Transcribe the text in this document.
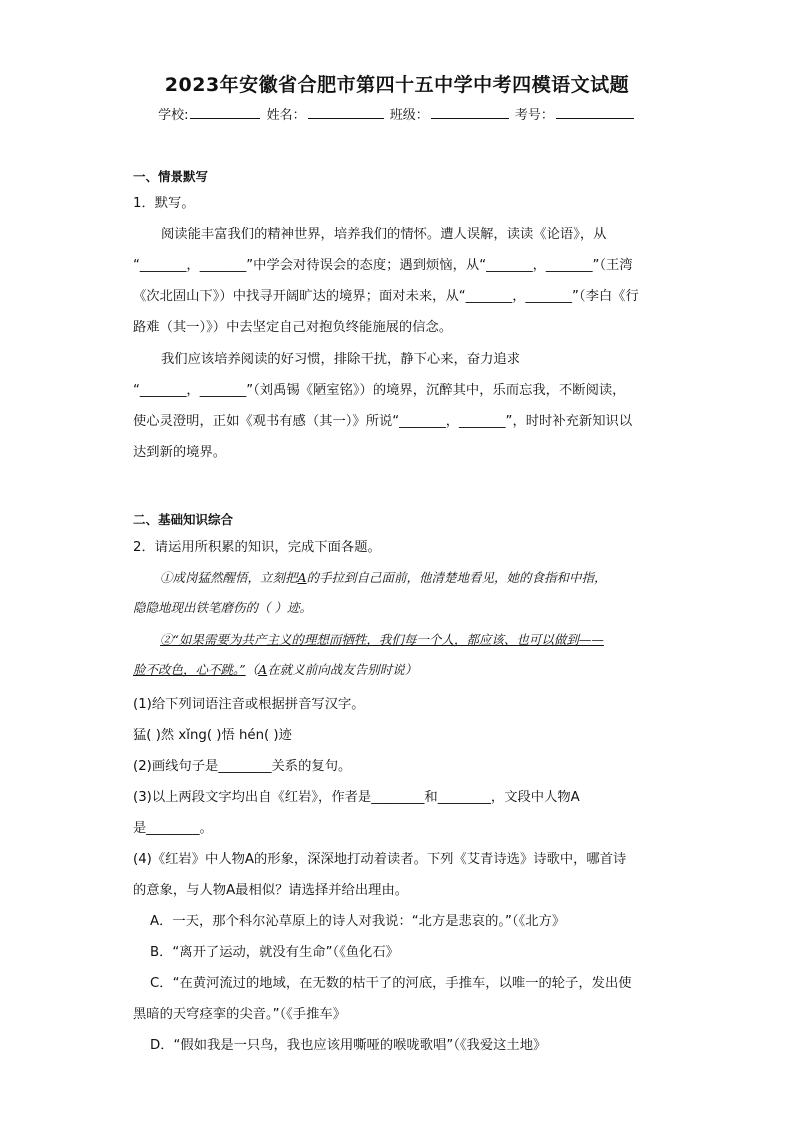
2023年安徽省合肥市第四十五中学中考四模语文试题
学校:	姓名：	班级：	考号：
一、情景默写
1．默写。
阅读能丰富我们的精神世界，培养我们的情怀。遭人误解，读读《论语》，从
“_______，_______”中学会对待误会的态度；遇到烦恼，从“_______，_______”（王湾
《次北固山下》）中找寻开阔旷达的境界；面对未来，从“_______，_______”（李白《行
路难（其一）》）中去坚定自己对抱负终能施展的信念。
我们应该培养阅读的好习惯，排除干扰，静下心来，奋力追求
“_______，_______”（刘禹锡《陋室铭》）的境界，沉醉其中，乐而忘我，不断阅读，
使心灵澄明，正如《观书有感（其一）》所说“_______，_______”，时时补充新知识以
达到新的境界。
二、基础知识综合
2．请运用所积累的知识，完成下面各题。
①成岗猛然醒悟，立刻把A的手拉到自己面前，他清楚地看见，她的食指和中指，
隐隐地现出铁笔磨伤的（ ）迹。
②“如果需要为共产主义的理想而牺牲，我们每一个人，都应该、也可以做到——
脸不改色，心不跳。”（A在就义前向战友告别时说）
(1)给下列词语注音或根据拼音写汉字。
猛( )然 xǐng( )悟 hén( )迹
(2)画线句子是________关系的复句。
(3)以上两段文字均出自《红岩》，作者是________和________，文段中人物A
是________。
(4)《红岩》中人物A的形象，深深地打动着读者。下列《艾青诗选》诗歌中，哪首诗
的意象，与人物A最相似？请选择并给出理由。
A．一天，那个科尔沁草原上的诗人对我说：“北方是悲哀的。”（《北方》
B．“离开了运动，就没有生命”（《鱼化石》
C．“在黄河流过的地域，在无数的枯干了的河底，手推车，以唯一的轮子，发出使
黑暗的天穹痉挛的尖音。”（《手推车》
D．“假如我是一只鸟，我也应该用嘶哑的喉咙歌唱”（《我爱这土地》
